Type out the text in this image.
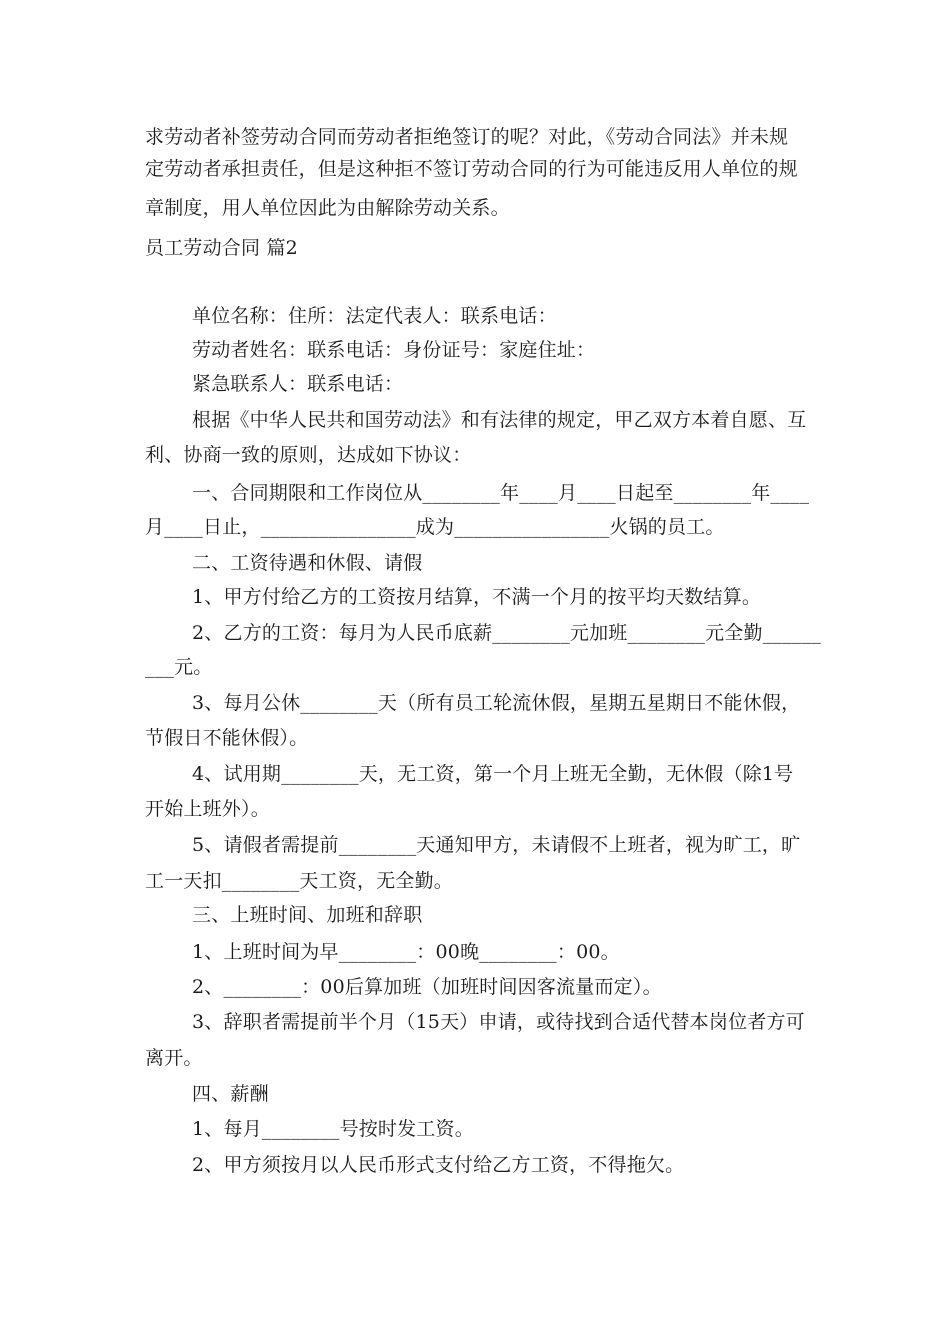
求劳动者补签劳动合同而劳动者拒绝签订的呢？对此，《劳动合同法》并未规
定劳动者承担责任，但是这种拒不签订劳动合同的行为可能违反用人单位的规
章制度，用人单位因此为由解除劳动关系。
员工劳动合同 篇2
单位名称：住所：法定代表人：联系电话：
劳动者姓名：联系电话：身份证号：家庭住址：
紧急联系人：联系电话：
根据《中华人民共和国劳动法》和有法律的规定，甲乙双方本着自愿、互
利、协商一致的原则，达成如下协议：
一、合同期限和工作岗位从________年____月____日起至________年____
月____日止，________________成为________________火锅的员工。
二、工资待遇和休假、请假
1、甲方付给乙方的工资按月结算，不满一个月的按平均天数结算。
2、乙方的工资：每月为人民币底薪________元加班________元全勤______
___元。
3、每月公休________天（所有员工轮流休假，星期五星期日不能休假，
节假日不能休假）。
4、试用期________天，无工资，第一个月上班无全勤，无休假（除1号
开始上班外）。
5、请假者需提前________天通知甲方，未请假不上班者，视为旷工，旷
工一天扣________天工资，无全勤。
三、上班时间、加班和辞职
1、上班时间为早________：00晚________：00。
2、________：00后算加班（加班时间因客流量而定）。
3、辞职者需提前半个月（15天）申请，或待找到合适代替本岗位者方可
离开。
四、薪酬
1、每月________号按时发工资。
2、甲方须按月以人民币形式支付给乙方工资，不得拖欠。
